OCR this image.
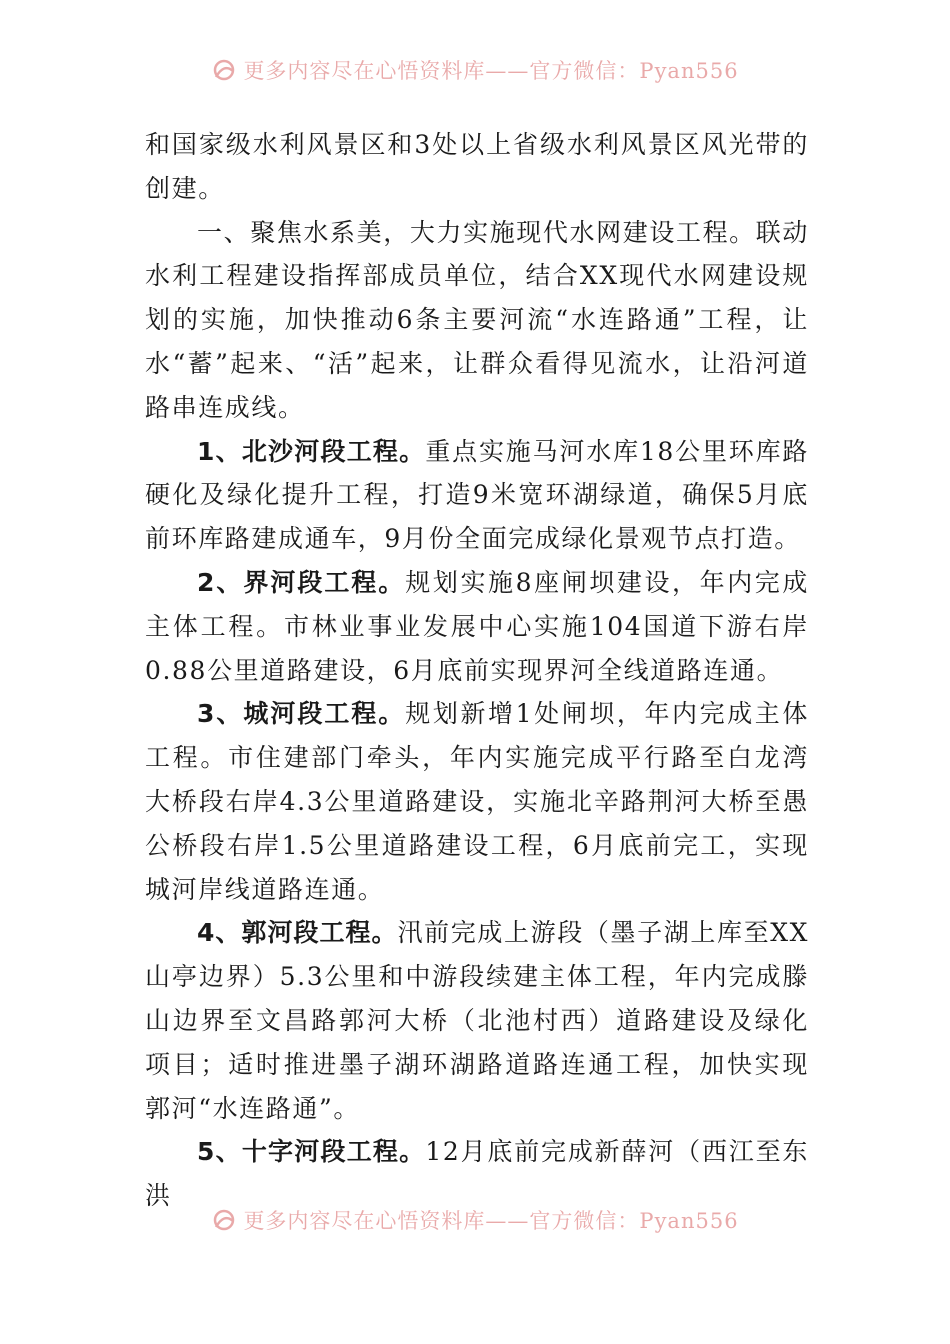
更多内容尽在心悟资料库——官方微信：Pyan556

和国家级水利风景区和3处以上省级水利风景区风光带的创建。

一、聚焦水系美，大力实施现代水网建设工程。联动水利工程建设指挥部成员单位，结合XX现代水网建设规划的实施，加快推动6条主要河流“水连路通”工程，让水“蓄”起来、“活”起来，让群众看得见流水，让沿河道路串连成线。

1、北沙河段工程。重点实施马河水库18公里环库路硬化及绿化提升工程，打造9米宽环湖绿道，确保5月底前环库路建成通车，9月份全面完成绿化景观节点打造。

2、界河段工程。规划实施8座闸坝建设，年内完成主体工程。市林业事业发展中心实施104国道下游右岸0.88公里道路建设，6月底前实现界河全线道路连通。

3、城河段工程。规划新增1处闸坝，年内完成主体工程。市住建部门牵头，年内实施完成平行路至白龙湾大桥段右岸4.3公里道路建设，实施北辛路荆河大桥至愚公桥段右岸1.5公里道路建设工程，6月底前完工，实现城河岸线道路连通。

4、郭河段工程。汛前完成上游段（墨子湖上库至XX山亭边界）5.3公里和中游段续建主体工程，年内完成滕山边界至文昌路郭河大桥（北池村西）道路建设及绿化项目；适时推进墨子湖环湖路道路连通工程，加快实现郭河“水连路通”。

5、十字河段工程。12月底前完成新薛河（西江至东洪

更多内容尽在心悟资料库——官方微信：Pyan556
